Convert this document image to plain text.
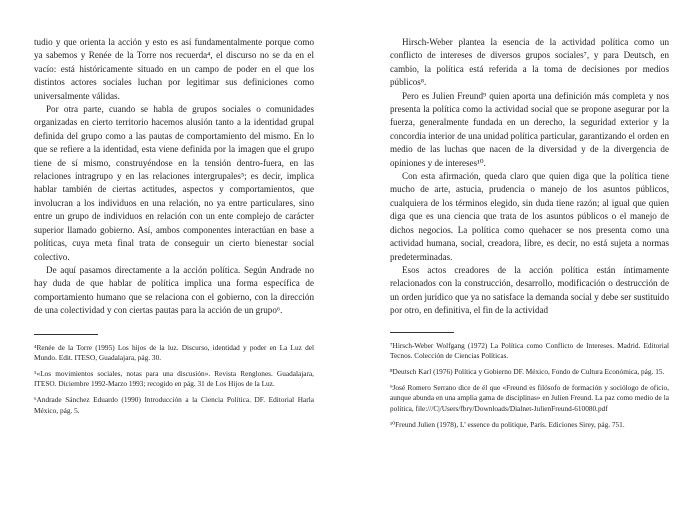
tudio y que orienta la acción y esto es así fundamentalmente porque como ya sabemos y Renée de la Torre nos recuerda⁴, el discurso no se da en el vacío: está históricamente situado en un campo de poder en el que los distintos actores sociales luchan por legitimar sus definiciones como universalmente válidas.

Por otra parte, cuando se habla de grupos sociales o comunidades organizadas en cierto territorio hacemos alusión tanto a la identidad grupal definida del grupo como a las pautas de comportamiento del mismo. En lo que se refiere a la identidad, esta viene definida por la imagen que el grupo tiene de sí mismo, construyéndose en la tensión dentro-fuera, en las relaciones intragrupo y en las relaciones intergrupales⁵; es decir, implica hablar también de ciertas actitudes, aspectos y comportamientos, que involucran a los individuos en una relación, no ya entre particulares, sino entre un grupo de individuos en relación con un ente complejo de carácter superior llamado gobierno. Así, ambos componentes interactúan en base a políticas, cuya meta final trata de conseguir un cierto bienestar social colectivo.

De aquí pasamos directamente a la acción política. Según Andrade no hay duda de que hablar de política implica una forma específica de comportamiento humano que se relaciona con el gobierno, con la dirección de una colectividad y con ciertas pautas para la acción de un grupo⁶.

⁴Renée de la Torre (1995) Los hijos de la luz. Discurso, identidad y poder en La Luz del Mundo. Edit. ITESO, Guadalajara, pág. 30.

⁵«Los movimientos sociales, notas para una discusión». Revista Renglones. Guadalajara, ITESO. Diciembre 1992-Marzo 1993; recogido en pág. 31 de Los Hijos de la Luz.

⁶Andrade Sánchez Eduardo (1990) Introducción a la Ciencia Política. DF. Editorial Harla México, pág. 5.

Hirsch-Weber plantea la esencia de la actividad política como un conflicto de intereses de diversos grupos sociales⁷, y para Deutsch, en cambio, la política está referida a la toma de decisiones por medios públicos⁸.

Pero es Julien Freund⁹ quien aporta una definición más completa y nos presenta la política como la actividad social que se propone asegurar por la fuerza, generalmente fundada en un derecho, la seguridad exterior y la concordia interior de una unidad política particular, garantizando el orden en medio de las luchas que nacen de la diversidad y de la divergencia de opiniones y de intereses¹⁰.

Con esta afirmación, queda claro que quien diga que la política tiene mucho de arte, astucia, prudencia o manejo de los asuntos públicos, cualquiera de los términos elegido, sin duda tiene razón; al igual que quien diga que es una ciencia que trata de los asuntos públicos o el manejo de dichos negocios. La política como quehacer se nos presenta como una actividad humana, social, creadora, libre, es decir, no está sujeta a normas predeterminadas.

Esos actos creadores de la acción política están íntimamente relacionados con la construcción, desarrollo, modificación o destrucción de un orden jurídico que ya no satisface la demanda social y debe ser sustituido por otro, en definitiva, el fin de la actividad

⁷Hirsch-Weber Wolfgang (1972) La Política como Conflicto de Intereses. Madrid. Editorial Tecnos. Colección de Ciencias Políticas.

⁸Deutsch Karl (1976) Política y Gobierno DF. México, Fondo de Cultura Económica, pág. 15.

⁹José Romero Serrano dice de él que «Freund es filósofo de formación y sociólogo de oficio, aunque abunda en una amplia gama de disciplinas» en Julien Freund. La paz como medio de la política, file:///C|/Users/fbry/Downloads/Dialnet-JulienFreund-610080.pdf

¹⁰Freund Julien (1978), L’ essence du politique, París. Ediciones Sirey, pág. 751.
